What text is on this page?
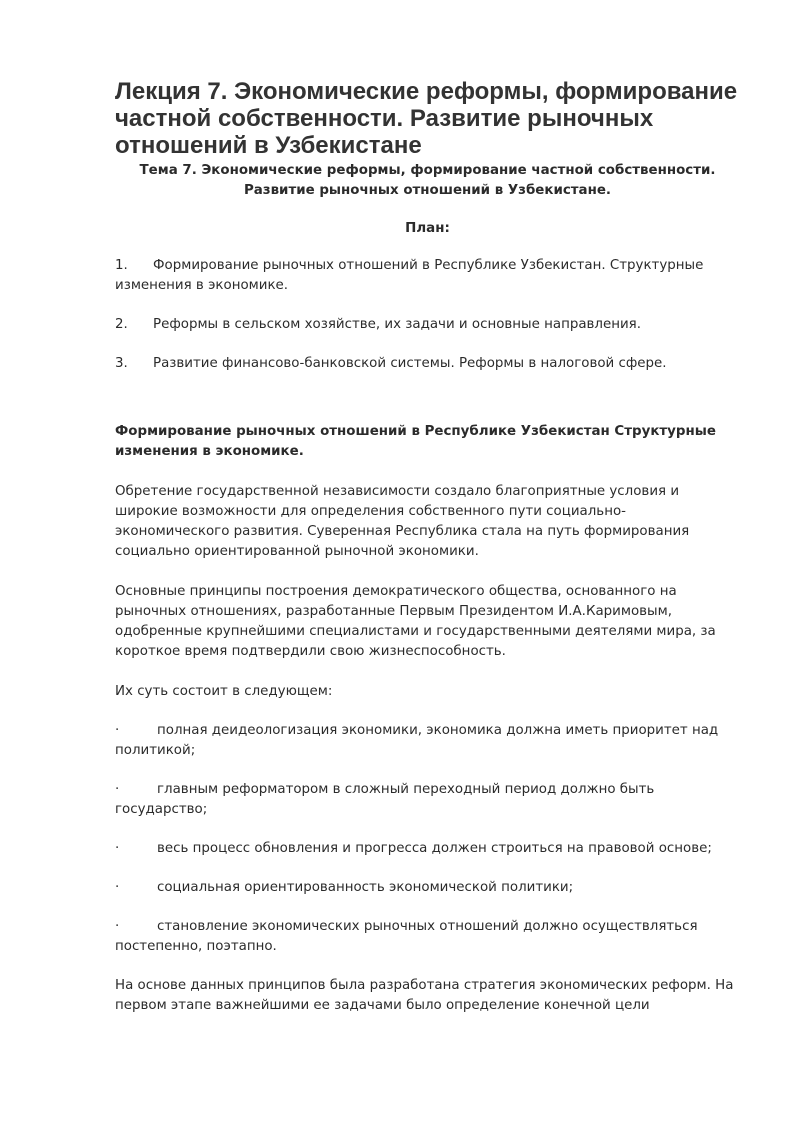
Лекция 7. Экономические реформы, формирование частной собственности. Развитие рыночных отношений в Узбекистане
Тема 7. Экономические реформы, формирование частной собственности.
Развитие рыночных отношений в Узбекистане.
План:
1. Формирование рыночных отношений в Республике Узбекистан. Структурные изменения в экономике.
2. Реформы в сельском хозяйстве, их задачи и основные направления.
3. Развитие финансово-банковской системы. Реформы в налоговой сфере.
Формирование рыночных отношений в Республике Узбекистан Структурные изменения в экономике.

Обретение государственной независимости создало благоприятные условия и широкие возможности для определения собственного пути социально-экономического развития. Суверенная Республика стала на путь формирования социально ориентированной рыночной экономики.

Основные принципы построения демократического общества, основанного на рыночных отношениях, разработанные Первым Президентом И.А.Каримовым, одобренные крупнейшими специалистами и государственными деятелями мира, за короткое время подтвердили свою жизнеспособность.

Их суть состоит в следующем:

·	полная деидеологизация экономики, экономика должна иметь приоритет над политикой;
·	главным реформатором в сложный переходный период должно быть государство;
·	весь процесс обновления и прогресса должен строиться на правовой основе;
·	социальная ориентированность экономической политики;
·	становление экономических рыночных отношений должно осуществляться постепенно, поэтапно.

На основе данных принципов была разработана стратегия экономических реформ. На первом этапе важнейшими ее задачами было определение конечной цели
